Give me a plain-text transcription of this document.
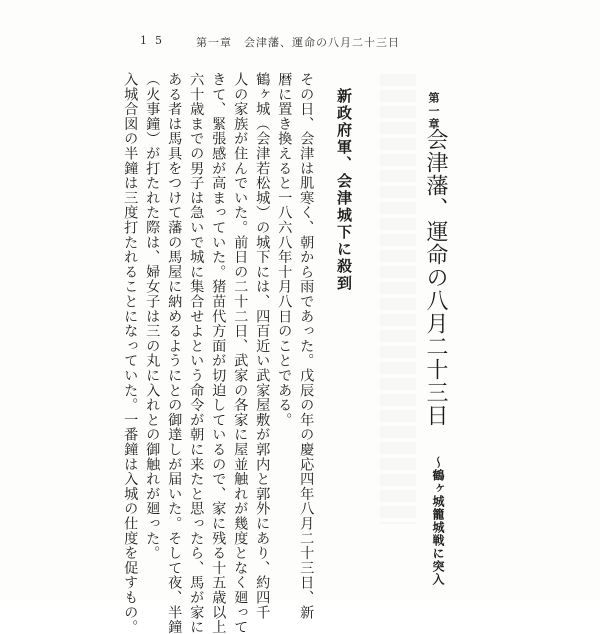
15 第一章　会津藩、運命の八月二十三日
第一章
会津藩、運命の八月二十三日
〜鶴ヶ城籠城戦に突入
新政府軍、会津城下に殺到
その日、会津は肌寒く、朝から雨であった。戊辰の年の慶応四年八月二十三日、新
暦に置き換えると一八六八年十月八日のことである。
鶴ヶ城（会津若松城）の城下には、四百近い武家屋敷が郭内と郭外にあり、約四千
人の家族が住んでいた。前日の二十二日、武家の各家に屋並触れが幾度となく廻って
きて、緊張感が高まっていた。猪苗代方面が切迫しているので、家に残る十五歳以上
六十歳までの男子は急いで城に集合せよという命令が朝に来たと思ったら、馬が家に
ある者は馬具をつけて藩の馬屋に納めるようにとの御達しが届いた。そして夜、半鐘
（火事鐘）が打たれた際は、婦女子は三の丸に入れとの御触れが廻った。
入城合図の半鐘は三度打たれることになっていた。一番鐘は入城の仕度を促すもの。
